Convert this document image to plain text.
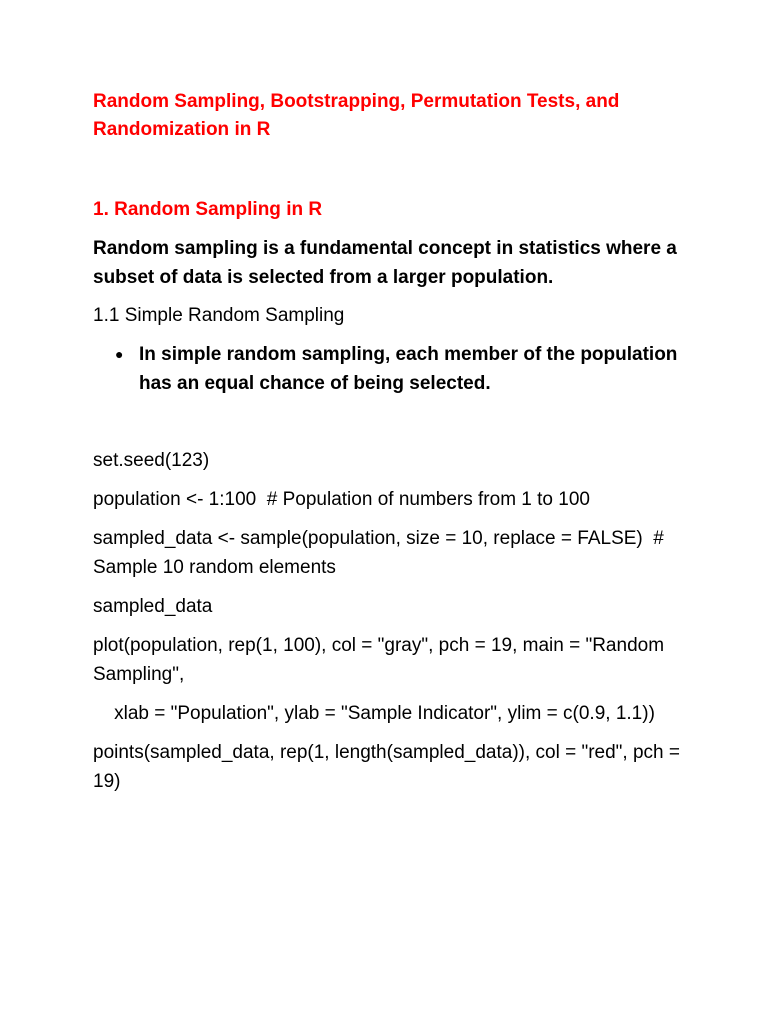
Random Sampling, Bootstrapping, Permutation Tests, and Randomization in R
1. Random Sampling in R

Random sampling is a fundamental concept in statistics where a subset of data is selected from a larger population.

1.1 Simple Random Sampling

● In simple random sampling, each member of the population has an equal chance of being selected.

set.seed(123)

population <- 1:100  # Population of numbers from 1 to 100

sampled_data <- sample(population, size = 10, replace = FALSE)  # Sample 10 random elements

sampled_data

plot(population, rep(1, 100), col = "gray", pch = 19, main = "Random Sampling",

xlab = "Population", ylab = "Sample Indicator", ylim = c(0.9, 1.1))

points(sampled_data, rep(1, length(sampled_data)), col = "red", pch = 19)
